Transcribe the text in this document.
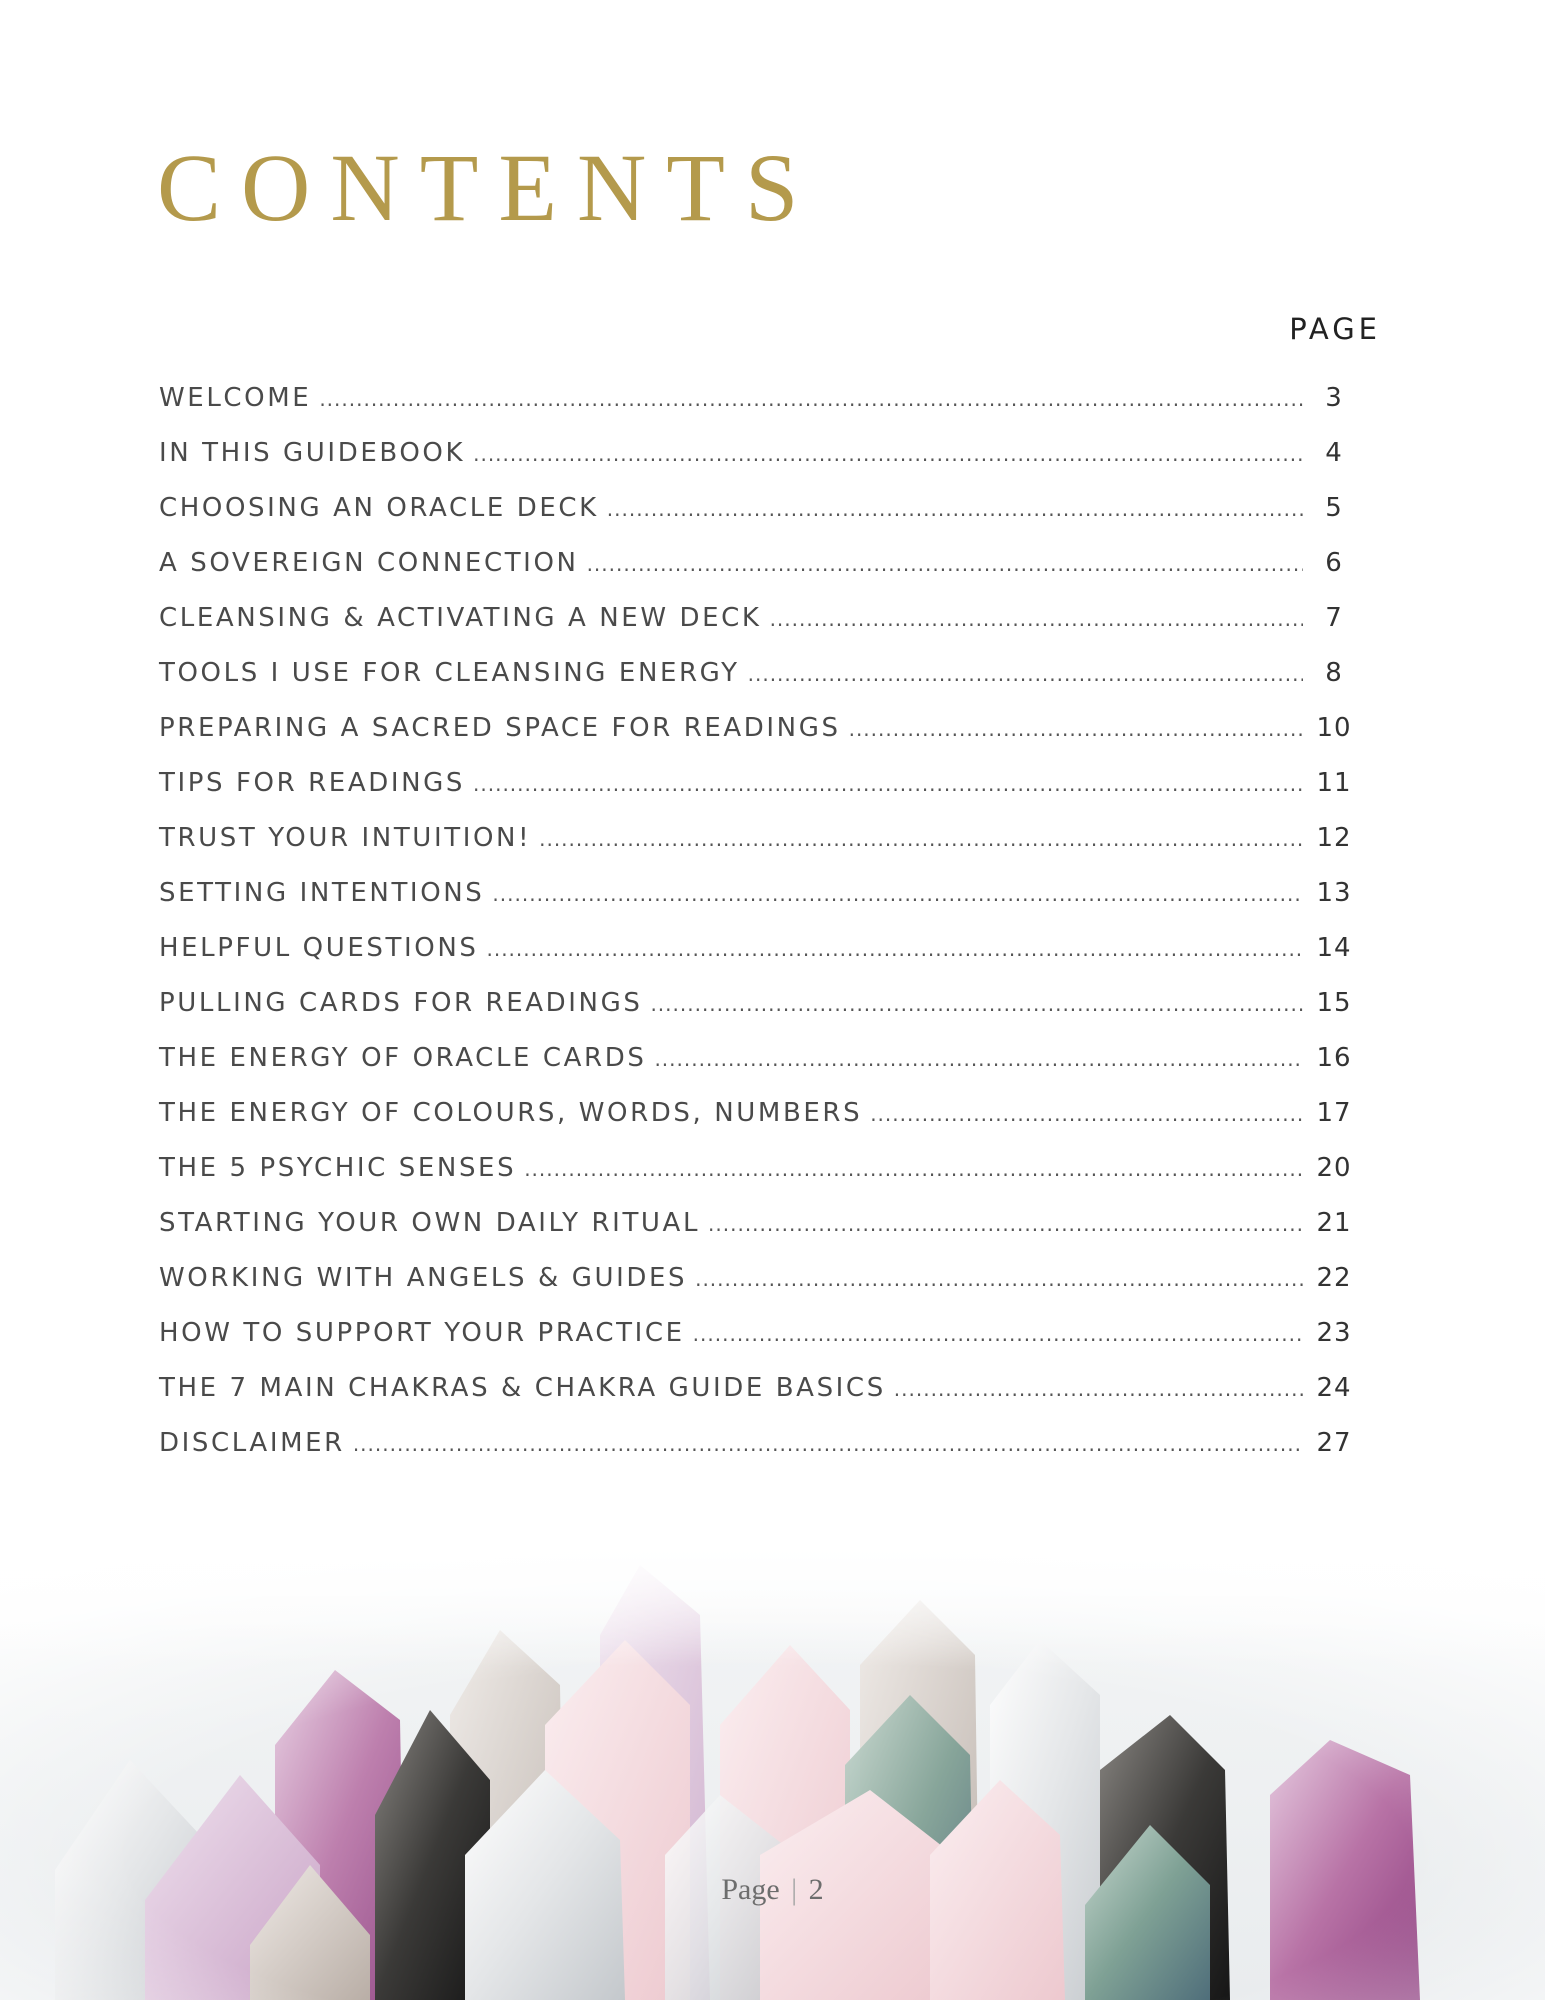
CONTENTS
PAGE
WELCOME .....	3
IN THIS GUIDEBOOK .....	4
CHOOSING AN ORACLE DECK .....	5
A SOVEREIGN CONNECTION .....	6
CLEANSING & ACTIVATING A NEW DECK .....	7
TOOLS I USE FOR CLEANSING ENERGY .....	8
PREPARING A SACRED SPACE FOR READINGS .....	10
TIPS FOR READINGS .....	11
TRUST YOUR INTUITION! .....	12
SETTING INTENTIONS .....	13
HELPFUL QUESTIONS .....	14
PULLING CARDS FOR READINGS .....	15
THE ENERGY OF ORACLE CARDS .....	16
THE ENERGY OF COLOURS, WORDS, NUMBERS .....	17
THE 5 PSYCHIC SENSES .....	20
STARTING YOUR OWN DAILY RITUAL .....	21
WORKING WITH ANGELS & GUIDES .....	22
HOW TO SUPPORT YOUR PRACTICE .....	23
THE 7 MAIN CHAKRAS & CHAKRA GUIDE BASICS .....	24
DISCLAIMER .....	27
Page | 2
